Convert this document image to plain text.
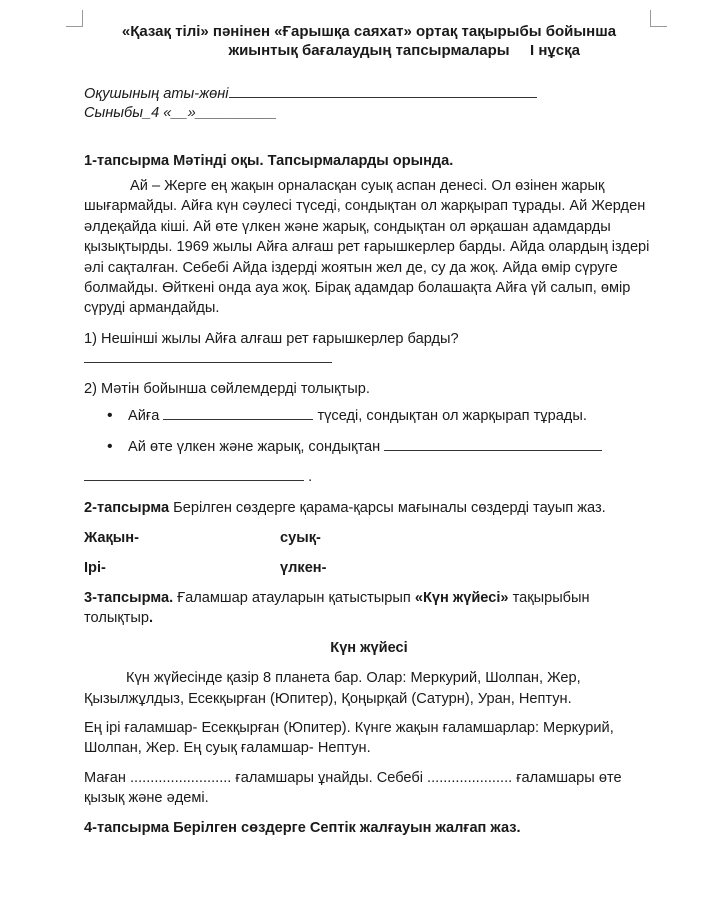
«Қазақ тілі» пәнінен «Ғарышқа саяхат» ортақ тақырыбы бойынша
жиынтық бағалаудың тапсырмалары I нұсқа
Оқушының аты-жөні
Сыныбы_4 «__»__________

1-тапсырма Мәтінді оқы. Тапсырмаларды орында.

Ай – Жерге ең жақын орналасқан суық аспан денесі. Ол өзінен жарық шығармайды. Айға күн сәулесі түседі, сондықтан ол жарқырап тұрады. Ай Жерден әлдеқайда кіші. Ай өте үлкен және жарық, сондықтан ол әрқашан адамдарды қызықтырды. 1969 жылы Айға алғаш рет ғарышкерлер барды. Айда олардың іздері әлі сақталған. Себебі Айда іздерді жоятын жел де, су да жоқ. Айда өмір сүруге болмайды. Өйткені онда ауа жоқ. Бірақ адамдар болашақта Айға үй салып, өмір сүруді армандайды.

1) Нешінші жылы Айға алғаш рет ғарышкерлер барды?

2) Мәтін бойынша сөйлемдерді толықтыр.

• Айға	түседі, сондықтан ол жарқырап тұрады.
• Ай өте үлкен және жарық, сондықтан
.

2-тапсырма Берілген сөздерге қарама-қарсы мағыналы сөздерді тауып жаз.

Жақын-	суық-
Ірі-	үлкен-

3-тапсырма. Ғаламшар атауларын қатыстырып «Күн жүйесі» тақырыбын толықтыр.

Күн жүйесі

Күн жүйесінде қазір 8 планета бар. Олар: Меркурий, Шолпан, Жер, Қызылжұлдыз, Есекқырған (Юпитер), Қоңырқай (Сатурн), Уран, Нептун.

Ең ірі ғаламшар- Есекқырған (Юпитер). Күнге жақын ғаламшарлар: Меркурий, Шолпан, Жер. Ең суық ғаламшар- Нептун.

Маған ......................... ғаламшары ұнайды. Себебі ..................... ғаламшары өте қызық және әдемі.

4-тапсырма Берілген сөздерге Септік жалғауын жалғап жаз.
